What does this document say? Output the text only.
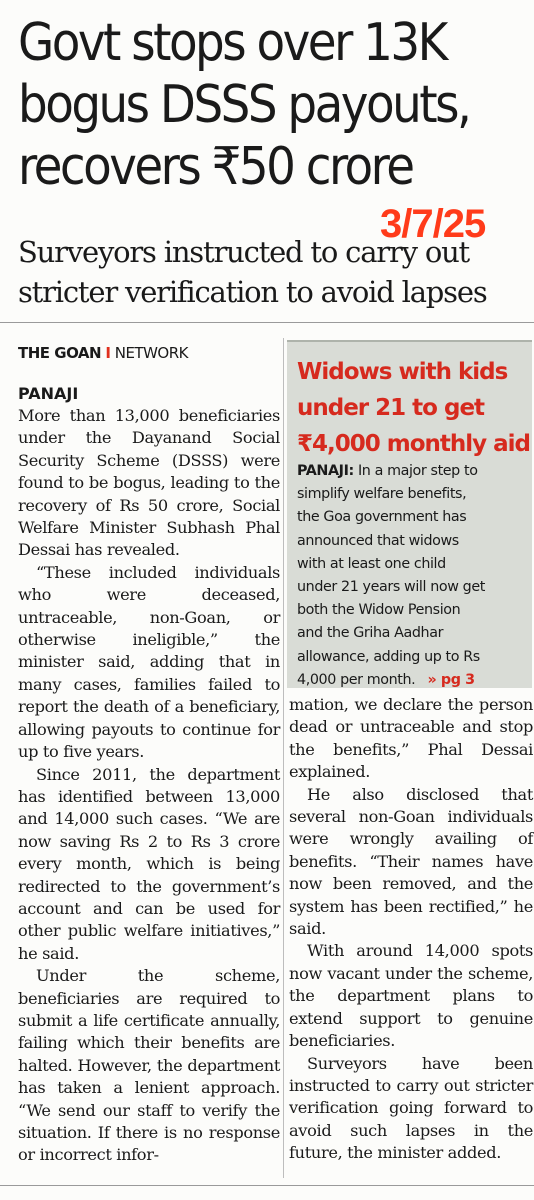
Govt stops over 13K
bogus DSSS payouts,
recovers ₹50 crore
3/7/25
Surveyors instructed to carry out
stricter verification to avoid lapses
THE GOAN I NETWORK
PANAJI

More than 13,000 beneficiaries under the Dayanand Social Security Scheme (DSSS) were found to be bogus, leading to the recovery of Rs 50 crore, Social Welfare Minister Subhash Phal Dessai has revealed.

“These included individuals who were deceased, untraceable, non-Goan, or otherwise ineligible,” the minister said, adding that in many cases, families failed to report the death of a beneficiary, allowing payouts to continue for up to five years.

Since 2011, the department has identified between 13,000 and 14,000 such cases. “We are now saving Rs 2 to Rs 3 crore every month, which is being redirected to the government’s account and can be used for other public welfare initiatives,” he said.

Under the scheme, beneficiaries are required to submit a life certificate annually, failing which their benefits are halted. However, the department has taken a lenient approach. “We send our staff to verify the situation. If there is no response or incorrect infor-

Widows with kids
under 21 to get
₹4,000 monthly aid
PANAJI: In a major step to
simplify welfare benefits,
the Goa government has
announced that widows
with at least one child
under 21 years will now get
both the Widow Pension
and the Griha Aadhar
allowance, adding up to Rs
4,000 per month. » pg 3

mation, we declare the person dead or untraceable and stop the benefits,” Phal Dessai explained.

He also disclosed that several non-Goan individuals were wrongly availing of benefits. “Their names have now been removed, and the system has been rectified,” he said.

With around 14,000 spots now vacant under the scheme, the department plans to extend support to genuine beneficiaries.

Surveyors have been instructed to carry out stricter verification going forward to avoid such lapses in the future, the minister added.
